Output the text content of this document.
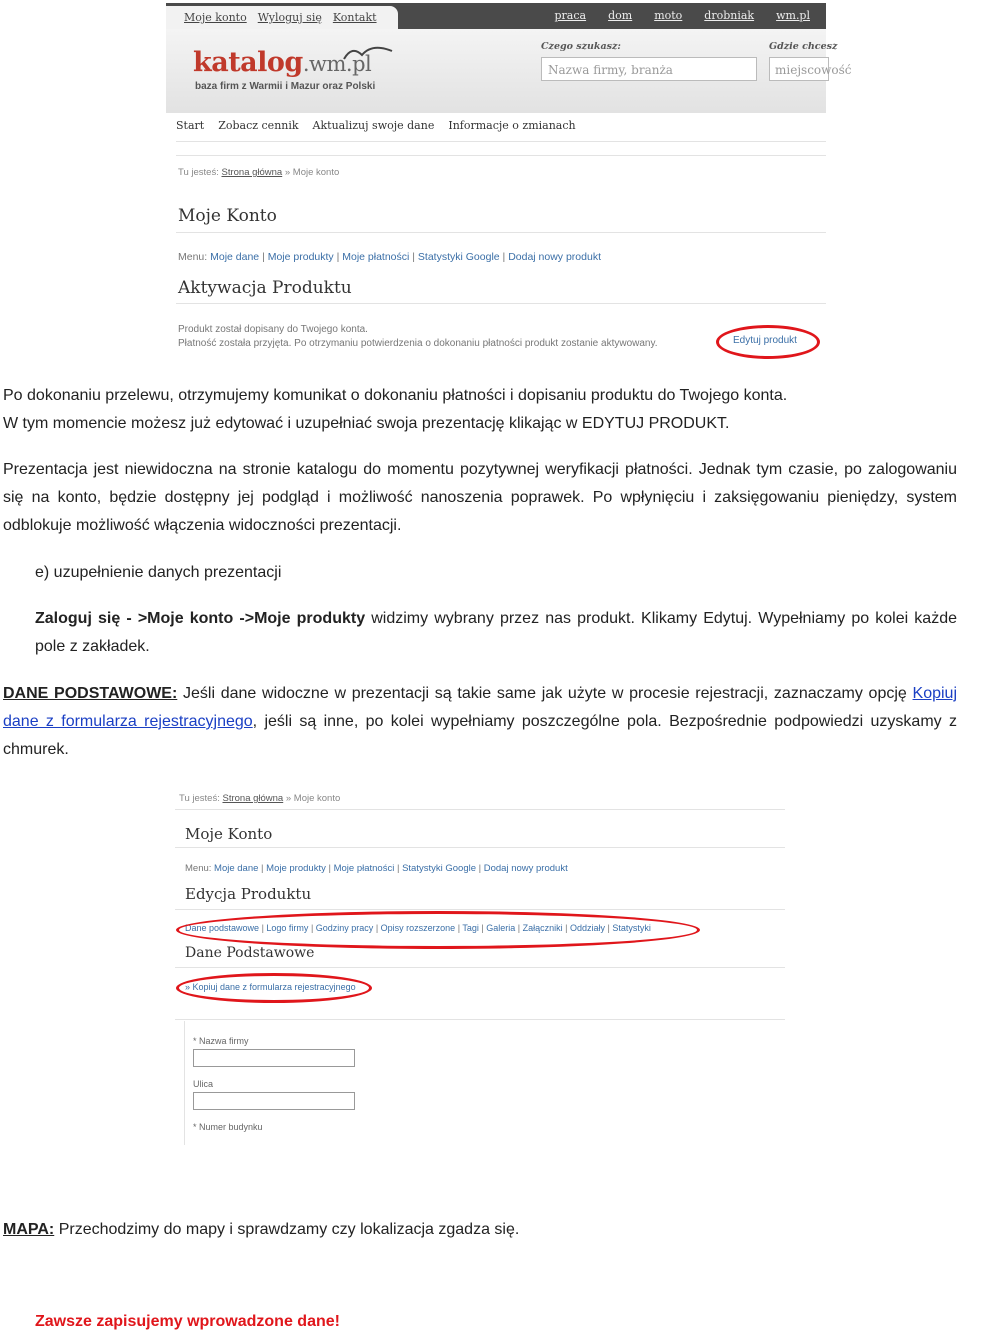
Moje konto Wyloguj się Kontakt	praca dom moto drobniak wm.pl
katalog.wm.pl
baza firm z Warmii i Mazur oraz Polski
Czego szukasz:
Nazwa firmy, branża
Gdzie chcesz
miejscowość
Start Zobacz cennik Aktualizuj swoje dane Informacje o zmianach
Tu jesteś: Strona główna » Moje konto
Moje Konto
Menu: Moje dane | Moje produkty | Moje płatności | Statystyki Google | Dodaj nowy produkt
Aktywacja Produktu
Produkt został dopisany do Twojego konta.
Płatność została przyjęta. Po otrzymaniu potwierdzenia o dokonaniu płatności produkt zostanie aktywowany.	Edytuj produkt
Po dokonaniu przelewu, otrzymujemy komunikat o dokonaniu płatności i dopisaniu produktu do Twojego konta.
W tym momencie możesz już edytować i uzupełniać swoja prezentację klikając w EDYTUJ PRODUKT.
Prezentacja jest niewidoczna na stronie katalogu do momentu pozytywnej weryfikacji płatności. Jednak tym czasie, po zalogowaniu się na konto, będzie dostępny jej podgląd i możliwość nanoszenia poprawek. Po wpłynięciu i zaksięgowaniu pieniędzy, system odblokuje możliwość włączenia widoczności prezentacji.
e) uzupełnienie danych prezentacji
Zaloguj się - >Moje konto ->Moje produkty widzimy wybrany przez nas produkt. Klikamy Edytuj. Wypełniamy po kolei każde pole z zakładek.
DANE PODSTAWOWE: Jeśli dane widoczne w prezentacji są takie same jak użyte w procesie rejestracji, zaznaczamy opcję Kopiuj dane z formularza rejestracyjnego, jeśli są inne, po kolei wypełniamy poszczególne pola. Bezpośrednie podpowiedzi uzyskamy z chmurek.
Tu jesteś: Strona główna » Moje konto
Moje Konto
Menu: Moje dane | Moje produkty | Moje płatności | Statystyki Google | Dodaj nowy produkt
Edycja Produktu
Dane podstawowe | Logo firmy | Godziny pracy | Opisy rozszerzone | Tagi | Galeria | Załączniki | Oddziały | Statystyki
Dane Podstawowe
» Kopiuj dane z formularza rejestracyjnego
* Nazwa firmy
Ulica
* Numer budynku
MAPA: Przechodzimy do mapy i sprawdzamy czy lokalizacja zgadza się.
Zawsze zapisujemy wprowadzone dane!
